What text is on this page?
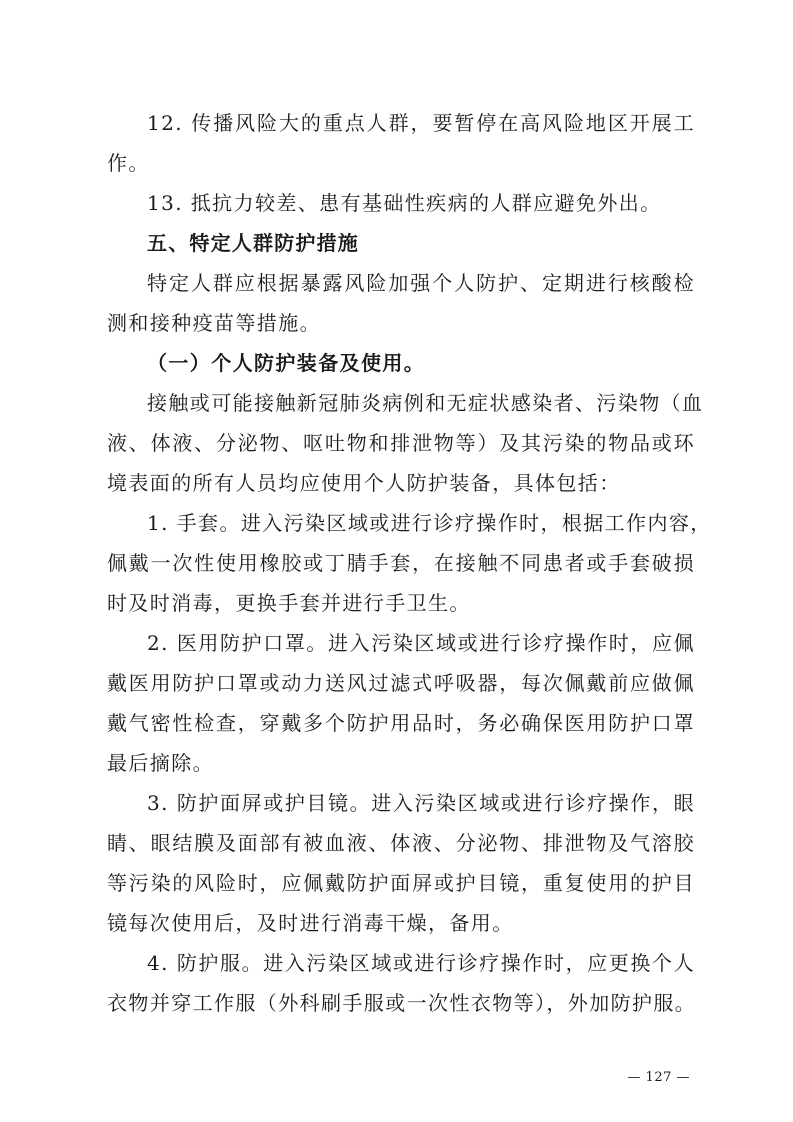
12. 传播风险大的重点人群，要暂停在高风险地区开展工
作。
13. 抵抗力较差、患有基础性疾病的人群应避免外出。
五、特定人群防护措施
特定人群应根据暴露风险加强个人防护、定期进行核酸检
测和接种疫苗等措施。
（一）个人防护装备及使用。
接触或可能接触新冠肺炎病例和无症状感染者、污染物（血
液、体液、分泌物、呕吐物和排泄物等）及其污染的物品或环
境表面的所有人员均应使用个人防护装备，具体包括：
1. 手套。进入污染区域或进行诊疗操作时，根据工作内容，
佩戴一次性使用橡胶或丁腈手套，在接触不同患者或手套破损
时及时消毒，更换手套并进行手卫生。
2. 医用防护口罩。进入污染区域或进行诊疗操作时，应佩
戴医用防护口罩或动力送风过滤式呼吸器，每次佩戴前应做佩
戴气密性检查，穿戴多个防护用品时，务必确保医用防护口罩
最后摘除。
3. 防护面屏或护目镜。进入污染区域或进行诊疗操作，眼
睛、眼结膜及面部有被血液、体液、分泌物、排泄物及气溶胶
等污染的风险时，应佩戴防护面屏或护目镜，重复使用的护目
镜每次使用后，及时进行消毒干燥，备用。
4. 防护服。进入污染区域或进行诊疗操作时，应更换个人
衣物并穿工作服（外科刷手服或一次性衣物等），外加防护服。
— 127 —
